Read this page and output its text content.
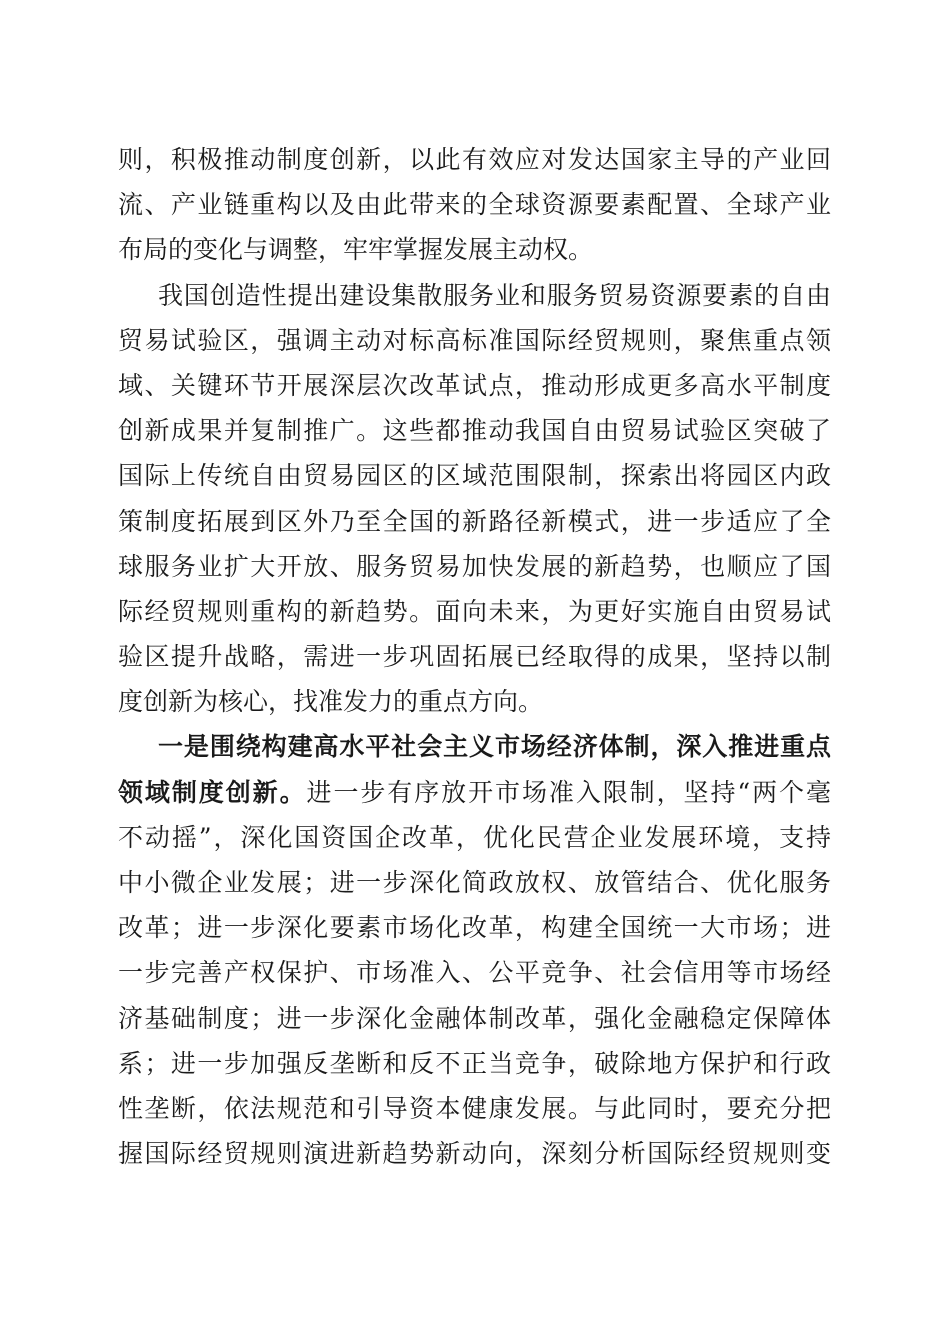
则，积极推动制度创新，以此有效应对发达国家主导的产业回
流、产业链重构以及由此带来的全球资源要素配置、全球产业
布局的变化与调整，牢牢掌握发展主动权。
我国创造性提出建设集散服务业和服务贸易资源要素的自由
贸易试验区，强调主动对标高标准国际经贸规则，聚焦重点领
域、关键环节开展深层次改革试点，推动形成更多高水平制度
创新成果并复制推广。这些都推动我国自由贸易试验区突破了
国际上传统自由贸易园区的区域范围限制，探索出将园区内政
策制度拓展到区外乃至全国的新路径新模式，进一步适应了全
球服务业扩大开放、服务贸易加快发展的新趋势，也顺应了国
际经贸规则重构的新趋势。面向未来，为更好实施自由贸易试
验区提升战略，需进一步巩固拓展已经取得的成果，坚持以制
度创新为核心，找准发力的重点方向。
一是围绕构建高水平社会主义市场经济体制，深入推进重点
领域制度创新。进一步有序放开市场准入限制，坚持“两个毫
不动摇”，深化国资国企改革，优化民营企业发展环境，支持
中小微企业发展；进一步深化简政放权、放管结合、优化服务
改革；进一步深化要素市场化改革，构建全国统一大市场；进
一步完善产权保护、市场准入、公平竞争、社会信用等市场经
济基础制度；进一步深化金融体制改革，强化金融稳定保障体
系；进一步加强反垄断和反不正当竞争，破除地方保护和行政
性垄断，依法规范和引导资本健康发展。与此同时，要充分把
握国际经贸规则演进新趋势新动向，深刻分析国际经贸规则变
